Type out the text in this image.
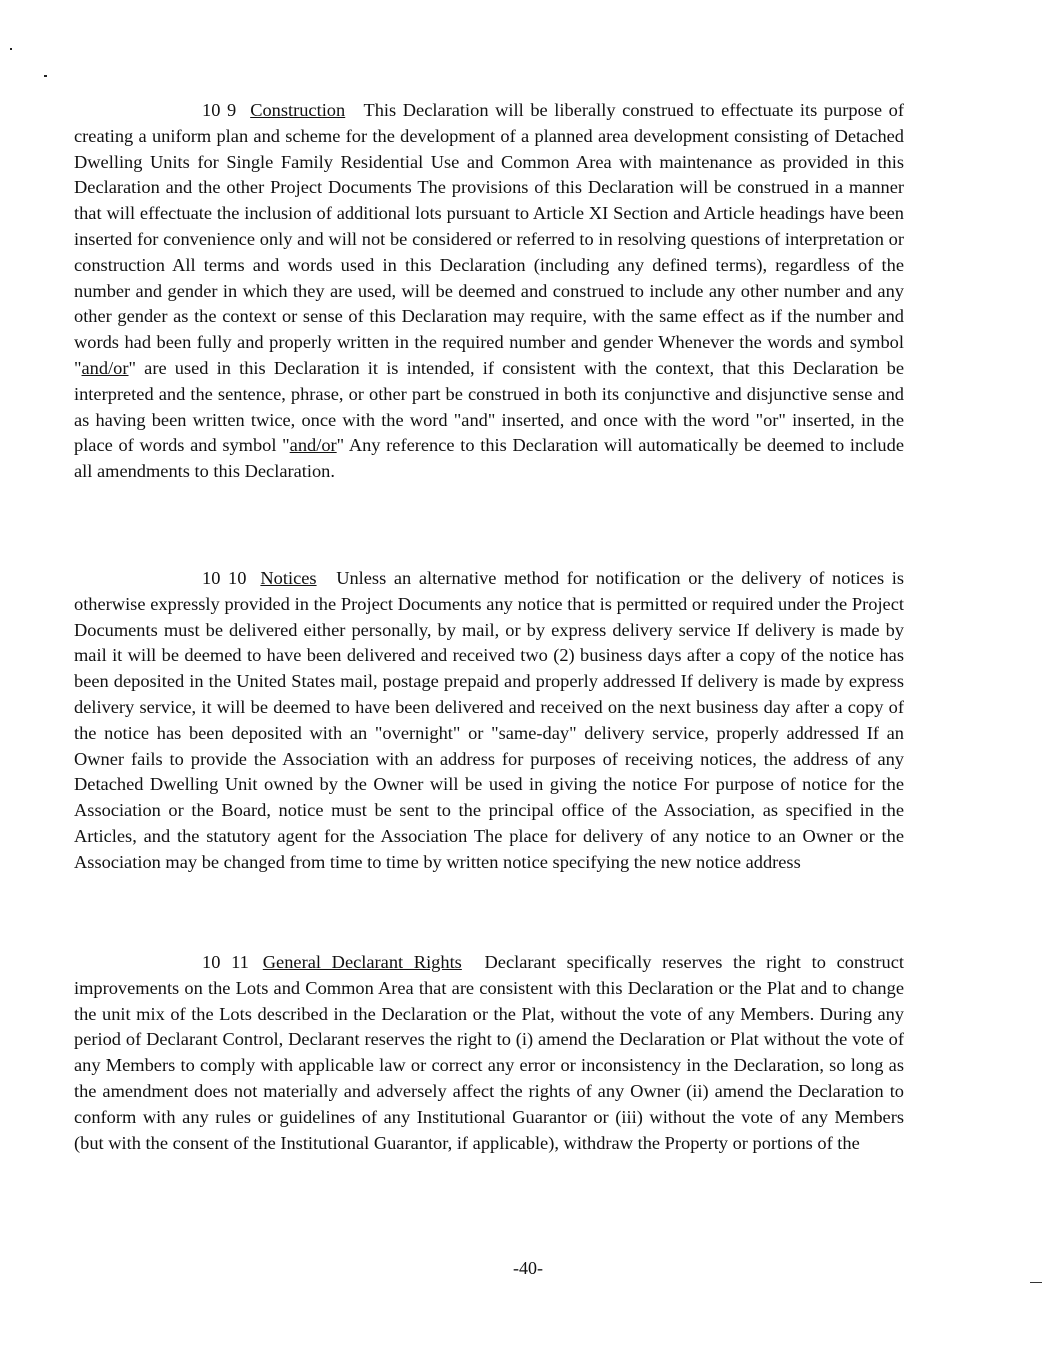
10 9 Construction This Declaration will be liberally construed to effectuate its purpose of creating a uniform plan and scheme for the development of a planned area development consisting of Detached Dwelling Units for Single Family Residential Use and Common Area with maintenance as provided in this Declaration and the other Project Documents The provisions of this Declaration will be construed in a manner that will effectuate the inclusion of additional lots pursuant to Article XI Section and Article headings have been inserted for convenience only and will not be considered or referred to in resolving questions of interpretation or construction All terms and words used in this Declaration (including any defined terms), regardless of the number and gender in which they are used, will be deemed and construed to include any other number and any other gender as the context or sense of this Declaration may require, with the same effect as if the number and words had been fully and properly written in the required number and gender Whenever the words and symbol "and/or" are used in this Declaration it is intended, if consistent with the context, that this Declaration be interpreted and the sentence, phrase, or other part be construed in both its conjunctive and disjunctive sense and as having been written twice, once with the word "and" inserted, and once with the word "or" inserted, in the place of words and symbol "and/or" Any reference to this Declaration will automatically be deemed to include all amendments to this Declaration.

10 10 Notices Unless an alternative method for notification or the delivery of notices is otherwise expressly provided in the Project Documents any notice that is permitted or required under the Project Documents must be delivered either personally, by mail, or by express delivery service If delivery is made by mail it will be deemed to have been delivered and received two (2) business days after a copy of the notice has been deposited in the United States mail, postage prepaid and properly addressed If delivery is made by express delivery service, it will be deemed to have been delivered and received on the next business day after a copy of the notice has been deposited with an "overnight" or "same-day" delivery service, properly addressed If an Owner fails to provide the Association with an address for purposes of receiving notices, the address of any Detached Dwelling Unit owned by the Owner will be used in giving the notice For purpose of notice for the Association or the Board, notice must be sent to the principal office of the Association, as specified in the Articles, and the statutory agent for the Association The place for delivery of any notice to an Owner or the Association may be changed from time to time by written notice specifying the new notice address

10 11 General Declarant Rights Declarant specifically reserves the right to construct improvements on the Lots and Common Area that are consistent with this Declaration or the Plat and to change the unit mix of the Lots described in the Declaration or the Plat, without the vote of any Members. During any period of Declarant Control, Declarant reserves the right to (i) amend the Declaration or Plat without the vote of any Members to comply with applicable law or correct any error or inconsistency in the Declaration, so long as the amendment does not materially and adversely affect the rights of any Owner (ii) amend the Declaration to conform with any rules or guidelines of any Institutional Guarantor or (iii) without the vote of any Members (but with the consent of the Institutional Guarantor, if applicable), withdraw the Property or portions of the

-40-
